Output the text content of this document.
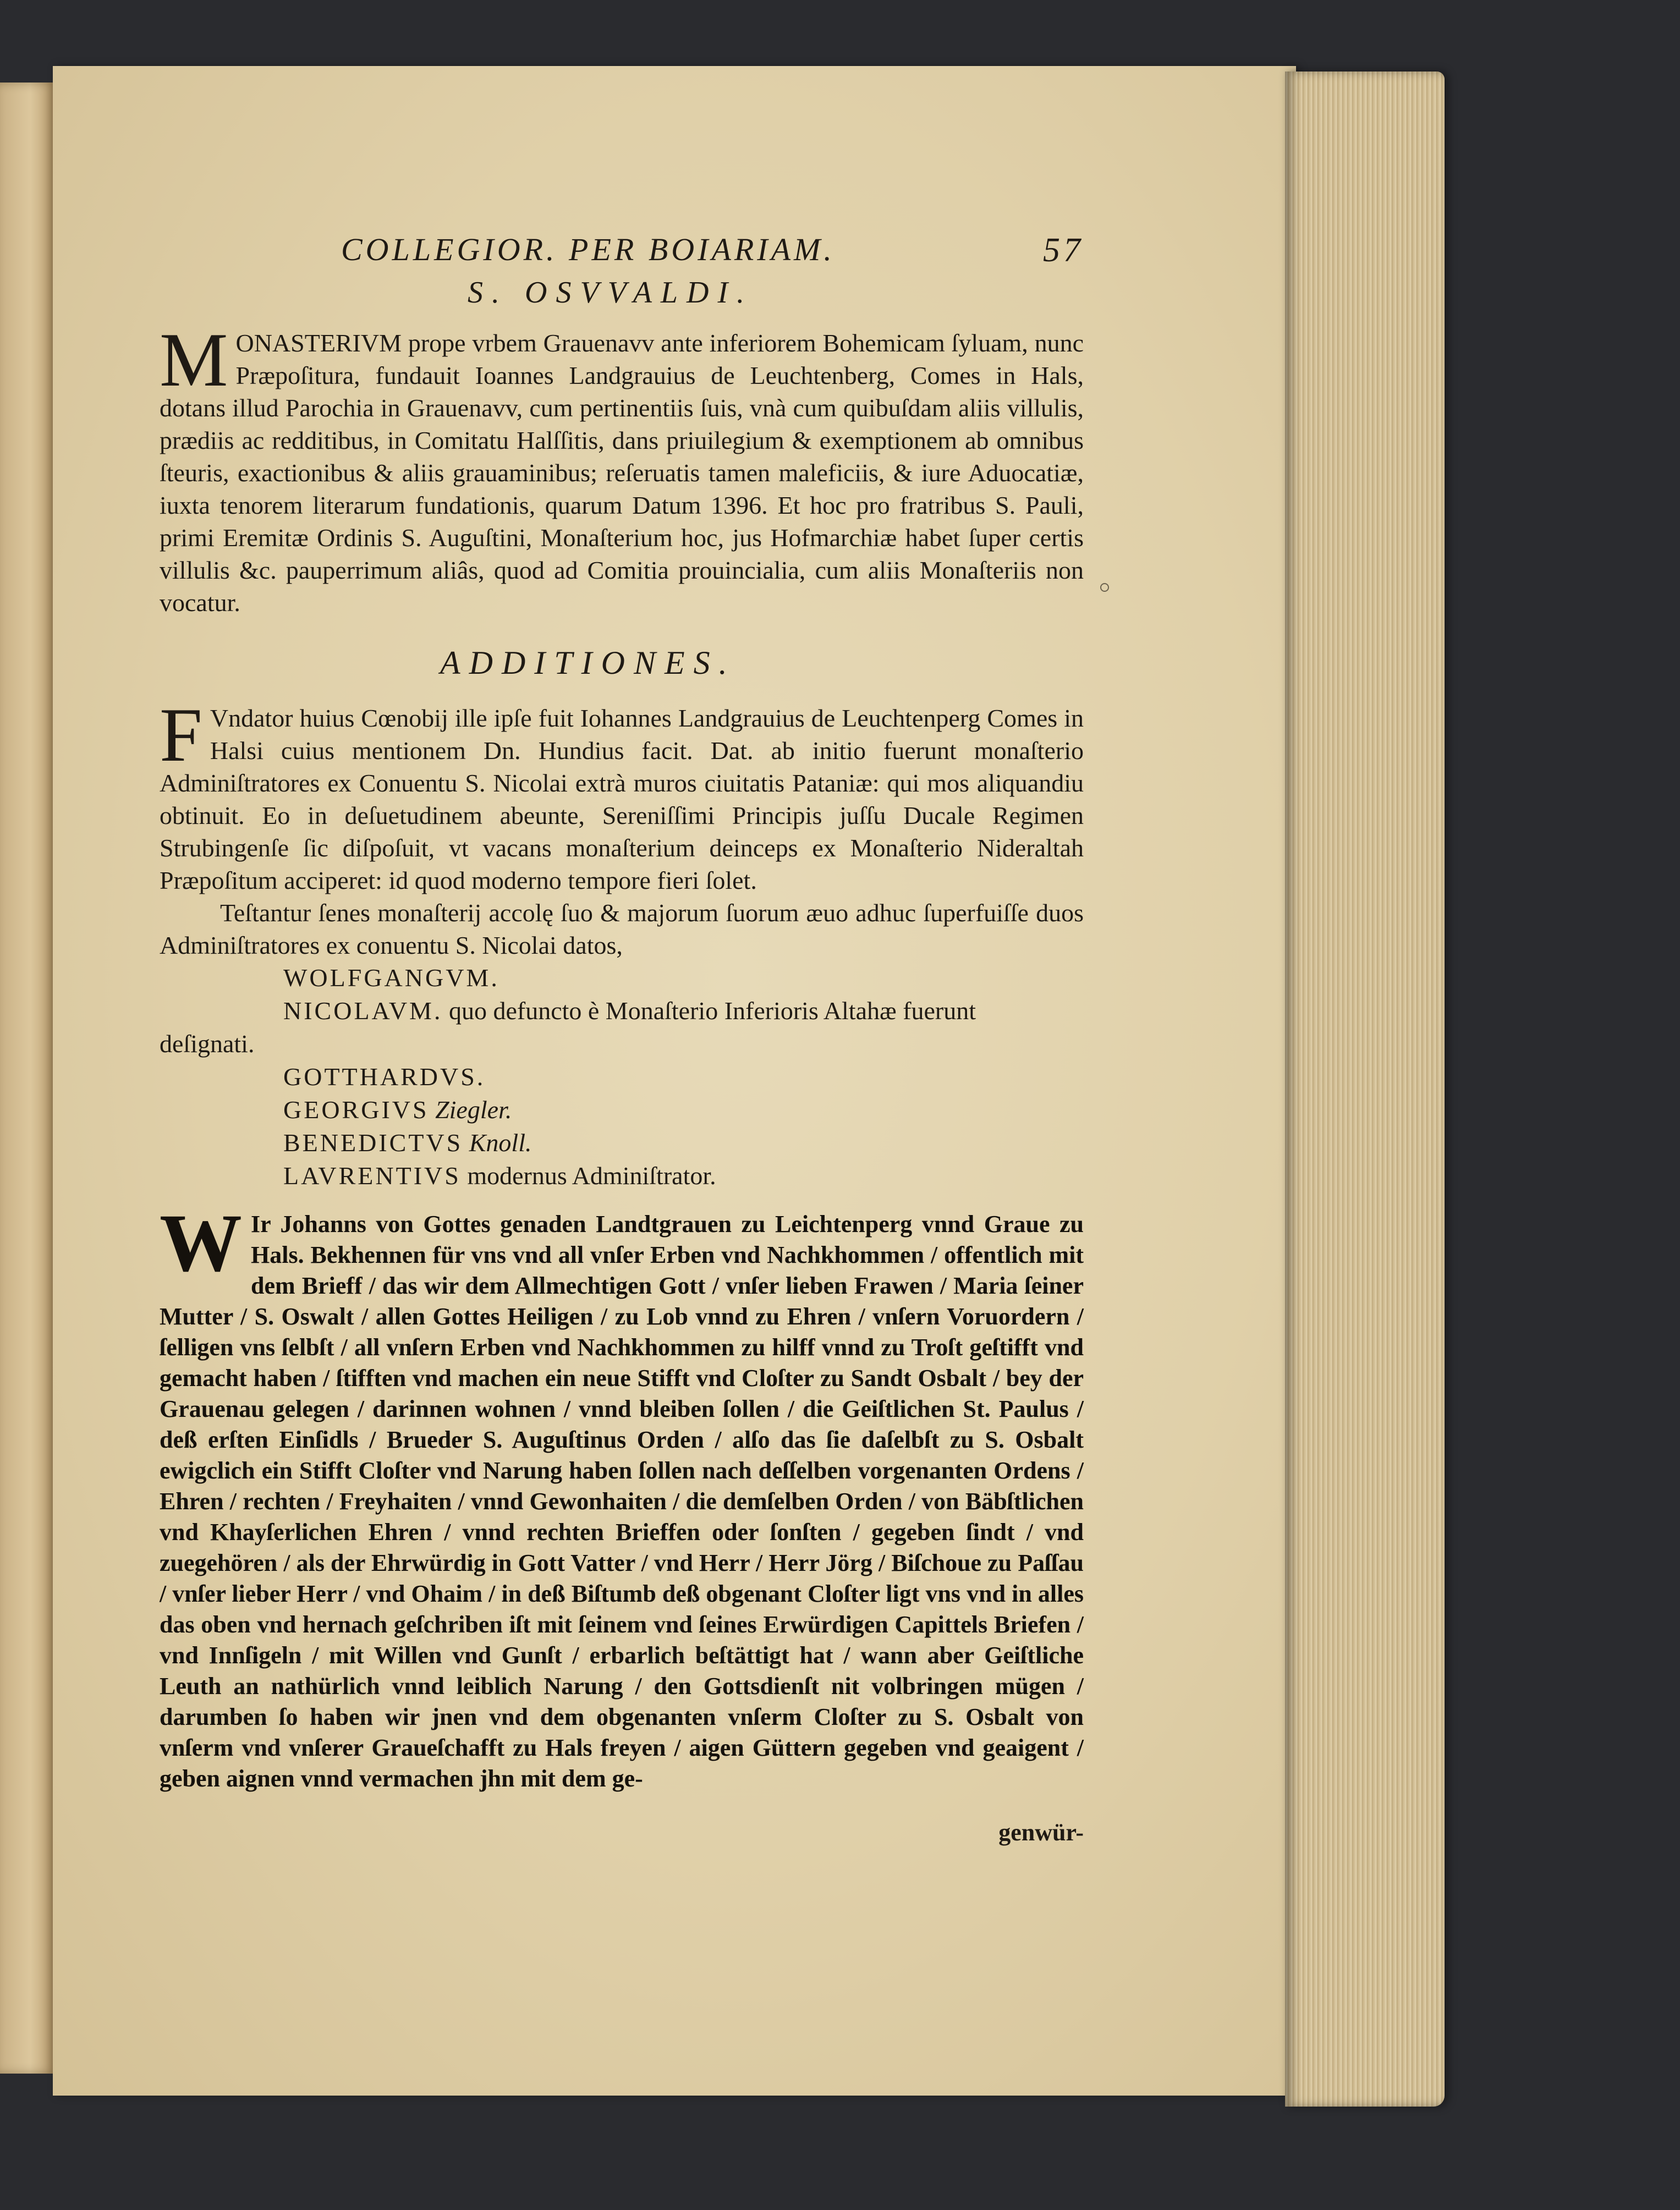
COLLEGIOR. PER BOIARIAM.	57
S. OSVVALDI.

M ONASTERIVM prope vrbem Grauenavv ante inferiorem Bohemicam ſyluam, nunc Præpoſitura, fundauit Ioannes Landgrauius de Leuchtenberg, Comes in Hals, dotans illud Parochia in Grauenavv, cum pertinentiis ſuis, vnà cum quibuſdam aliis villulis, prædiis ac redditibus, in Comitatu Halſſitis, dans priuilegium & exemptionem ab omnibus ſteuris, exactionibus & aliis grauaminibus; reſeruatis tamen maleficiis, & iure Aduocatiæ, iuxta tenorem literarum fundationis, quarum Datum 1396. Et hoc pro fratribus S. Pauli, primi Eremitæ Ordinis S. Auguſtini, Monaſterium hoc, jus Hofmarchiæ habet ſuper certis villulis &c. pauperrimum aliâs, quod ad Comitia prouincialia, cum aliis Monaſteriis non vocatur.

ADDITIONES.

F Vndator huius Cœnobij ille ipſe fuit Iohannes Landgrauius de Leuchtenperg Comes in Halsi cuius mentionem Dn. Hundius facit. Dat. ab initio fuerunt monaſterio Adminiſtratores ex Conuentu S. Nicolai extrà muros ciuitatis Pataniæ: qui mos aliquandiu obtinuit. Eo in deſuetudinem abeunte, Sereniſſimi Principis juſſu Ducale Regimen Strubingenſe ſic diſpoſuit, vt vacans monaſterium deinceps ex Monaſterio Nideraltah Præpoſitum acciperet: id quod moderno tempore fieri ſolet.

Teſtantur ſenes monaſterij accolę ſuo & majorum ſuorum æuo adhuc ſuperfuiſſe duos Adminiſtratores ex conuentu S. Nicolai datos,

WOLFGANGVM.
NICOLAVM. quo defuncto è Monaſterio Inferioris Altahæ fuerunt
deſignati.
GOTTHARDVS.
GEORGIVS Ziegler.
BENEDICTVS Knoll.
LAVRENTIVS modernus Adminiſtrator.

W Ir Johanns von Gottes genaden Landtgrauen zu Leichtenperg vnnd Graue zu Hals. Bekhennen für vns vnd all vnſer Erben vnd Nachkhommen / offentlich mit dem Brieff / das wir dem Allmechtigen Gott / vnſer lieben Frawen / Maria ſeiner Mutter / S. Oswalt / allen Gottes Heiligen / zu Lob vnnd zu Ehren / vnſern Voruordern / ſelligen vns ſelbſt / all vnſern Erben vnd Nachkhommen zu hilff vnnd zu Troſt geſtifft vnd gemacht haben / ſtifften vnd machen ein neue Stifft vnd Cloſter zu Sandt Osbalt / bey der Grauenau gelegen / darinnen wohnen / vnnd bleiben ſollen / die Geiſtlichen St. Paulus / deß erſten Einſidls / Brueder S. Auguſtinus Orden / alſo das ſie daſelbſt zu S. Osbalt ewigclich ein Stifft Cloſter vnd Narung haben ſollen nach deſſelben vorgenanten Ordens / Ehren / rechten / Freyhaiten / vnnd Gewonhaiten / die demſelben Orden / von Bäbſtlichen vnd Khayſerlichen Ehren / vnnd rechten Brieffen oder ſonſten / gegeben ſindt / vnd zuegehören / als der Ehrwürdig in Gott Vatter / vnd Herr / Herr Jörg / Biſchoue zu Paſſau / vnſer lieber Herr / vnd Ohaim / in deß Biſtumb deß obgenant Cloſter ligt vns vnd in alles das oben vnd hernach geſchriben iſt mit ſeinem vnd ſeines Erwürdigen Capittels Briefen / vnd Innſigeln / mit Willen vnd Gunſt / erbarlich beſtättigt hat / wann aber Geiſtliche Leuth an nathürlich vnnd leiblich Narung / den Gottsdienſt nit volbringen mügen / darumben ſo haben wir jnen vnd dem obgenanten vnſerm Cloſter zu S. Osbalt von vnſerm vnd vnſerer Graueſchafft zu Hals freyen / aigen Güttern gegeben vnd geaigent / geben aignen vnnd vermachen jhn mit dem ge-

genwür-
